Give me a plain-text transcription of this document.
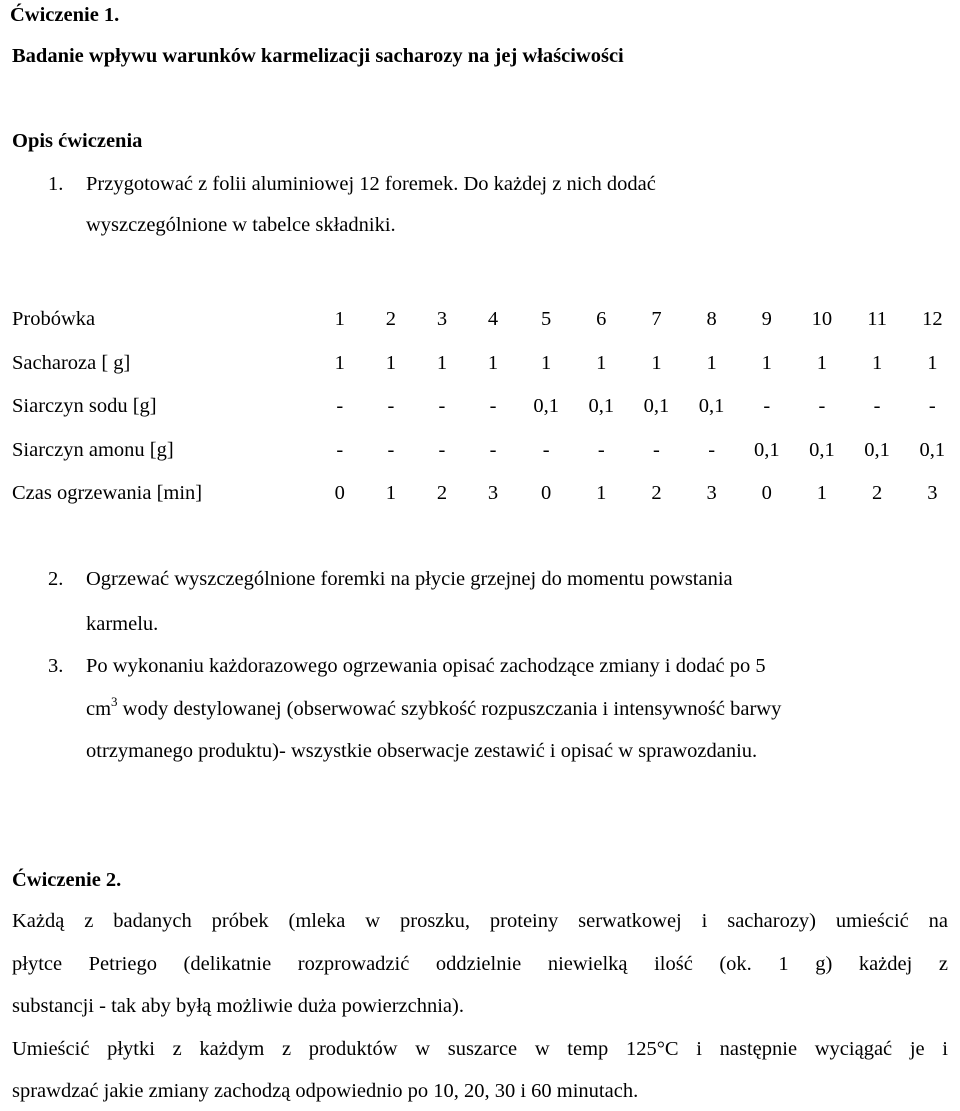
Ćwiczenie 1.
Badanie wpływu warunków karmelizacji sacharozy na jej właściwości
Opis ćwiczenia
1. Przygotować z folii aluminiowej 12 foremek. Do każdej z nich dodać
wyszczególnione w tabelce składniki.
Probówka	1	2	3	4	5	6	7	8	9	10	11	12
Sacharoza [ g]	1	1	1	1	1	1	1	1	1	1	1	1
Siarczyn sodu [g]	-	-	-	-	0,1	0,1	0,1	0,1	-	-	-	-
Siarczyn amonu [g]	-	-	-	-	-	-	-	-	0,1	0,1	0,1	0,1
Czas ogrzewania [min]	0	1	2	3	0	1	2	3	0	1	2	3
2. Ogrzewać wyszczególnione foremki na płycie grzejnej do momentu powstania
karmelu.
3. Po wykonaniu każdorazowego ogrzewania opisać zachodzące zmiany i dodać po 5
$cm^3$ wody destylowanej (obserwować szybkość rozpuszczania i intensywność barwy
otrzymanego produktu)- wszystkie obserwacje zestawić i opisać w sprawozdaniu.
Ćwiczenie 2.
Każdą z badanych próbek (mleka w proszku, proteiny serwatkowej i sacharozy) umieścić na
płytce Petriego (delikatnie rozprowadzić oddzielnie niewielką ilość (ok. 1 g) każdej z
substancji - tak aby byłą możliwie duża powierzchnia).
Umieścić płytki z każdym z produktów w suszarce w temp 125°C i następnie wyciągać je i
sprawdzać jakie zmiany zachodzą odpowiednio po 10, 20, 30 i 60 minutach.
